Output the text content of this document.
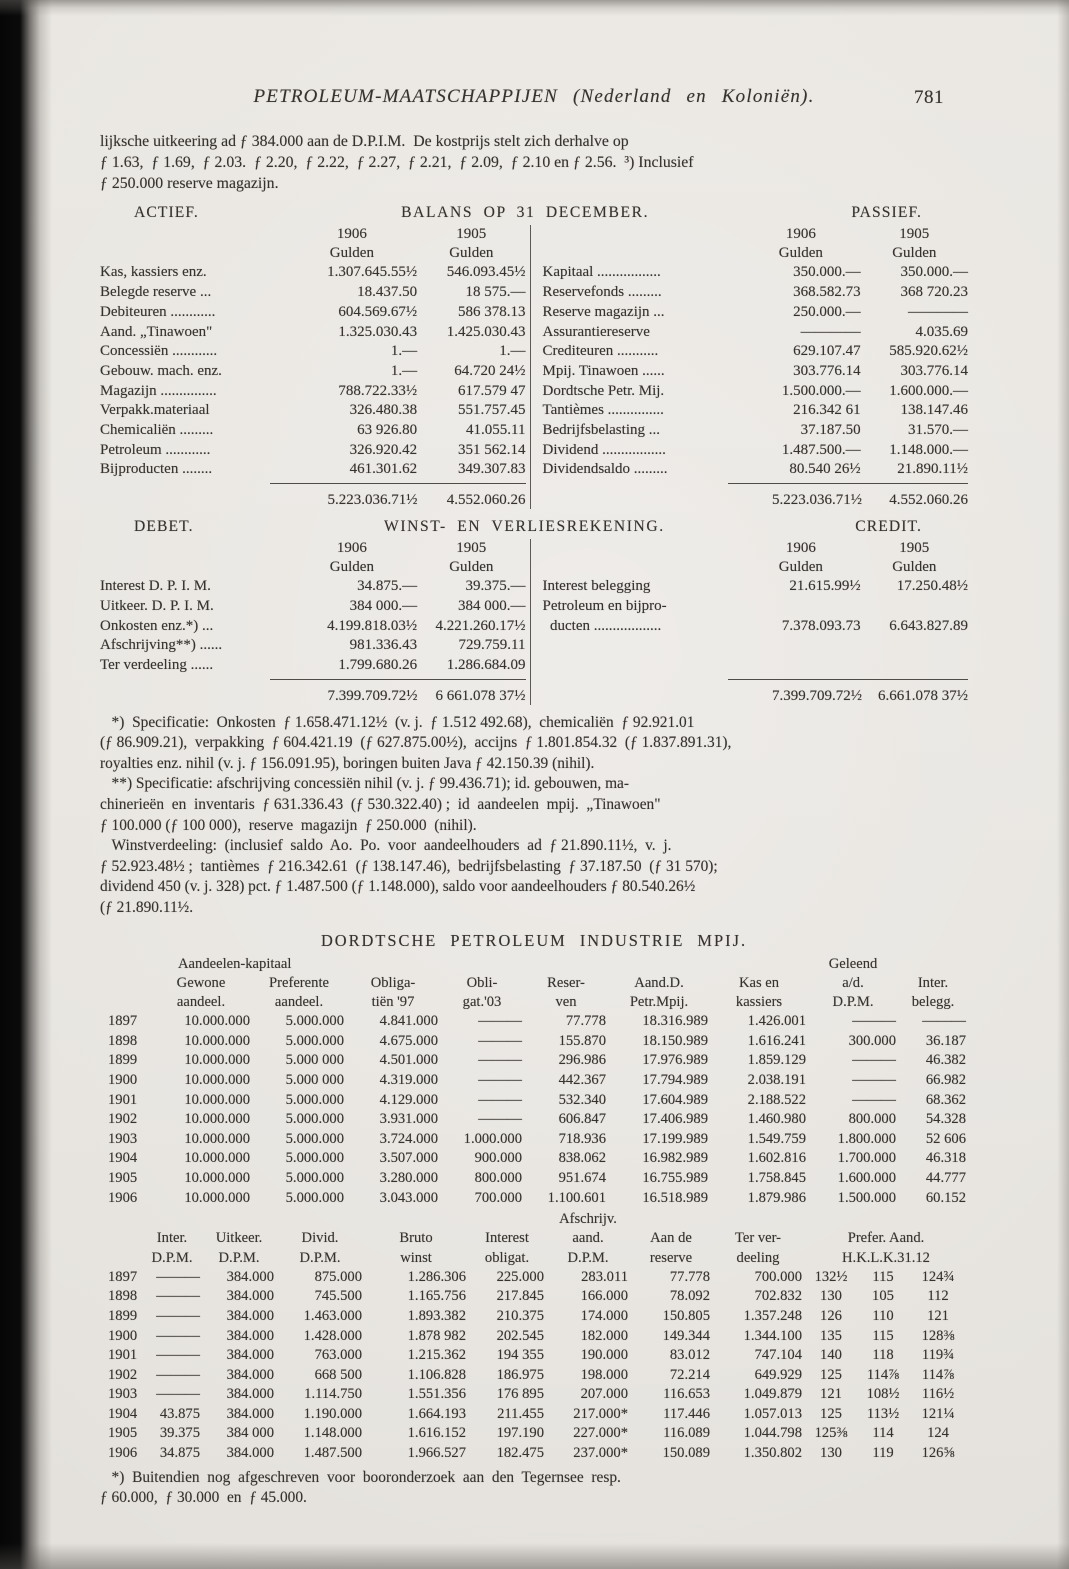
PETROLEUM-MAATSCHAPPIJEN (Nederland en Koloniën).	781
lijksche uitkeering ad ƒ 384.000 aan de D.P.I.M.  De kostprijs stelt zich derhalve op
ƒ 1.63,  ƒ 1.69,  ƒ 2.03.  ƒ 2.20,  ƒ 2.22,  ƒ 2.27,  ƒ 2.21,  ƒ 2.09,  ƒ 2.10 en ƒ 2.56.  ³) Inclusief
ƒ 250.000 reserve magazijn.
ACTIEF.	BALANS OP 31 DECEMBER.	PASSIEF.
	1906	1905
	Gulden	Gulden
Kas, kassiers enz.	1.307.645.55½	546.093.45½
Belegde reserve ...	18.437.50	18 575.—
Debiteuren ............	604.569.67½	586 378.13
Aand. „Tinawoen"	1.325.030.43	1.425.030.43
Concessiën ............	1.—	1.—
Gebouw. mach. enz.	1.—	64.720 24½
Magazijn ...............	788.722.33½	617.579 47
Verpakk.materiaal	326.480.38	551.757.45
Chemicaliën .........	63 926.80	41.055.11
Petroleum ............	326.920.42	351 562.14
Bijproducten ........	461.301.62	349.307.83
5.223.036.71½	4.552.060.26
	1906	1905
	Gulden	Gulden
Kapitaal .................	350.000.—	350.000.—
Reservefonds .........	368.582.73	368 720.23
Reserve magazijn ...	250.000.—	————
Assurantiereserve	————	4.035.69
Crediteuren ...........	629.107.47	585.920.62½
Mpij. Tinawoen ......	303.776.14	303.776.14
Dordtsche Petr. Mij.	1.500.000.—	1.600.000.—
Tantièmes ...............	216.342 61	138.147.46
Bedrijfsbelasting ...	37.187.50	31.570.—
Dividend .................	1.487.500.—	1.148.000.—
Dividendsaldo .........	80.540 26½	21.890.11½
5.223.036.71½	4.552.060.26
DEBET.	WINST- EN VERLIESREKENING.	CREDIT.
	1906	1905
	Gulden	Gulden
Interest D. P. I. M.	34.875.—	39.375.—
Uitkeer. D. P. I. M.	384 000.—	384 000.—
Onkosten enz.*) ...	4.199.818.03½	4.221.260.17½
Afschrijving**) ......	981.336.43	729.759.11
Ter verdeeling ......	1.799.680.26	1.286.684.09
7.399.709.72½	6 661.078 37½
	1906	1905
	Gulden	Gulden
Interest belegging	21.615.99½	17.250.48½
Petroleum en bijpro-		
ducten ..................	7.378.093.73	6.643.827.89
7.399.709.72½	6.661.078 37½
*)  Specificatie:  Onkosten  ƒ 1.658.471.12½  (v. j.  ƒ 1.512 492.68),  chemicaliën  ƒ 92.921.01
(ƒ 86.909.21),  verpakking  ƒ 604.421.19  (ƒ 627.875.00½),  accijns  ƒ 1.801.854.32  (ƒ 1.837.891.31),
royalties enz. nihil (v. j. ƒ 156.091.95), boringen buiten Java ƒ 42.150.39 (nihil).
**) Specificatie: afschrijving concessiën nihil (v. j. ƒ 99.436.71); id. gebouwen, ma-
chinerieën  en  inventaris  ƒ 631.336.43  (ƒ 530.322.40) ;  id  aandeelen  mpij.  „Tinawoen"
ƒ 100.000 (ƒ 100 000),  reserve  magazijn  ƒ 250.000  (nihil).
Winstverdeeling:  (inclusief  saldo  Ao.  Po.  voor  aandeelhouders  ad  ƒ 21.890.11½,  v.  j.
ƒ 52.923.48½ ;  tantièmes  ƒ 216.342.61  (ƒ 138.147.46),  bedrijfsbelasting  ƒ 37.187.50  (ƒ 31 570);
dividend 450 (v. j. 328) pct. ƒ 1.487.500 (ƒ 1.148.000), saldo voor aandeelhouders ƒ 80.540.26½
(ƒ 21.890.11½.
DORDTSCHE PETROLEUM INDUSTRIE MPIJ.
	Aandeelen-kapitaal							Geleend	
	Gewone	Preferente	Obliga-	Obli-	Reser-	Aand.D.	Kas en	a/d.	Inter.
	aandeel.	aandeel.	tiën '97	gat.'03	ven	Petr.Mpij.	kassiers	D.P.M.	belegg.
1897	10.000.000	5.000.000	4.841.000	———	77.778	18.316.989	1.426.001	———	———
1898	10.000.000	5.000.000	4.675.000	———	155.870	18.150.989	1.616.241	300.000	36.187
1899	10.000.000	5.000 000	4.501.000	———	296.986	17.976.989	1.859.129	———	46.382
1900	10.000.000	5.000 000	4.319.000	———	442.367	17.794.989	2.038.191	———	66.982
1901	10.000.000	5.000.000	4.129.000	———	532.340	17.604.989	2.188.522	———	68.362
1902	10.000.000	5.000.000	3.931.000	———	606.847	17.406.989	1.460.980	800.000	54.328
1903	10.000.000	5.000.000	3.724.000	1.000.000	718.936	17.199.989	1.549.759	1.800.000	52 606
1904	10.000.000	5.000.000	3.507.000	900.000	838.062	16.982.989	1.602.816	1.700.000	46.318
1905	10.000.000	5.000.000	3.280.000	800.000	951.674	16.755.989	1.758.845	1.600.000	44.777
1906	10.000.000	5.000.000	3.043.000	700.000	1.100.601	16.518.989	1.879.986	1.500.000	60.152
						Afschrijv.					
	Inter.	Uitkeer.	Divid.	Bruto	Interest	aand.	Aan de	Ter ver-	Prefer. Aand.		
	D.P.M.	D.P.M.	D.P.M.	winst	obligat.	D.P.M.	reserve	deeling	H.K.L.K.31.12		
1897	———	384.000	875.000	1.286.306	225.000	283.011	77.778	700.000	132½	115	124¾
1898	———	384.000	745.500	1.165.756	217.845	166.000	78.092	702.832	130	105	112
1899	———	384.000	1.463.000	1.893.382	210.375	174.000	150.805	1.357.248	126	110	121
1900	———	384.000	1.428.000	1.878 982	202.545	182.000	149.344	1.344.100	135	115	128⅜
1901	———	384.000	763.000	1.215.362	194 355	190.000	83.012	747.104	140	118	119¾
1902	———	384.000	668 500	1.106.828	186.975	198.000	72.214	649.929	125	114⅞	114⅞
1903	———	384.000	1.114.750	1.551.356	176 895	207.000	116.653	1.049.879	121	108½	116½
1904	43.875	384.000	1.190.000	1.664.193	211.455	217.000*	117.446	1.057.013	125	113½	121¼
1905	39.375	384 000	1.148.000	1.616.152	197.190	227.000*	116.089	1.044.798	125⅜	114	124
1906	34.875	384.000	1.487.500	1.966.527	182.475	237.000*	150.089	1.350.802	130	119	126⅝
*)  Buitendien  nog  afgeschreven  voor  booronderzoek  aan  den  Tegernsee  resp.
ƒ 60.000,  ƒ 30.000  en  ƒ 45.000.
